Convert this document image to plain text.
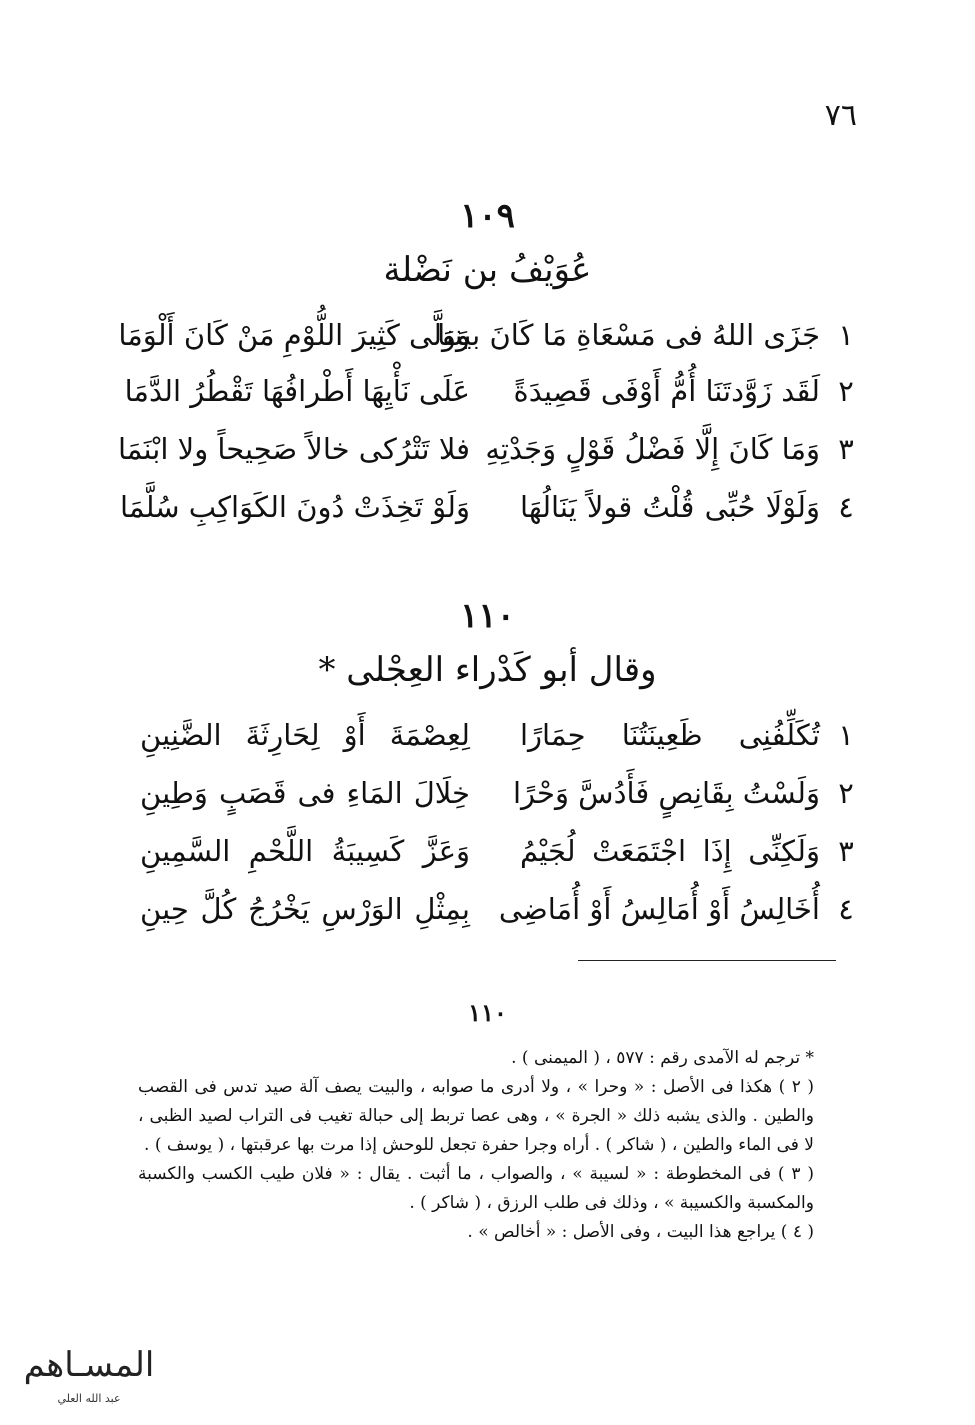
٧٦
١٠٩
عُوَيْفُ بن نَضْلة
١
جَزَى اللهُ فى مَسْعَاةِ مَا كَانَ بيننا
وَوَلَّى كَثِيرَ اللُّوْمِ مَنْ كَانَ أَلْوَمَا
٢
لَقَد زَوَّدتَنَا أُمُّ أَوْفَى قَصِيدَةً
عَلَى نَأْيِهَا أَطْرافُهَا تَقْطُرُ الدَّمَا
٣
وَمَا كَانَ إِلَّا فَضْلُ قَوْلٍ وَجَدْتِهِ
فلا تَتْرُكى خالاً صَحِيحاً ولا ابْنَمَا
٤
وَلَوْلَا حُبِّى قُلْتُ قولاً يَنَالُهَا
وَلَوْ تَخِذَتْ دُونَ الكَوَاكِبِ سُلَّمَا
١١٠
وقال أبو كَدْراء العِجْلى *
١
تُكَلِّفُنِى ظَعِينَتُنَا حِمَارًا
لِعِصْمَةَ أَوْ لِحَارِثَةَ الضَّنِينِ
٢
وَلَسْتُ بِقَانِصٍ فَأَدُسَّ وَحْرًا
خِلَالَ المَاءِ فى قَصَبٍ وَطِينِ
٣
وَلَكِنِّى إِذَا اجْتَمَعَتْ لُجَيْمُ
وَعَزَّ كَسِيبَةُ اللَّحْمِ السَّمِينِ
٤
أُخَالِسُ أَوْ أُمَالِسُ أَوْ أُمَاضِى
بِمِثْلِ الوَرْسِ يَخْرُجُ كُلَّ حِينِ
١١٠

* ترجم له الآمدى رقم : ٥٧٧ ، ( الميمنى ) .

( ٢ ) هكذا فى الأصل : « وحرا » ، ولا أدرى ما صوابه ، والبيت يصف آلة صيد تدس فى القصب والطين . والذى يشبه ذلك « الجرة » ، وهى عصا تربط إلى حبالة تغيب فى التراب لصيد الظبى ، لا فى الماء والطين ، ( شاكر ) . أراه وجرا حفرة تجعل للوحش إذا مرت بها عرقبتها ، ( يوسف ) .

( ٣ ) فى المخطوطة : « لسيبة » ، والصواب ، ما أثبت . يقال : « فلان طيب الكسب والكسبة والمكسبة والكسيبة » ، وذلك فى طلب الرزق ، ( شاكر ) .

( ٤ ) يراجع هذا البيت ، وفى الأصل : « أخالص » .

المسـاهم
عبد الله العلي
